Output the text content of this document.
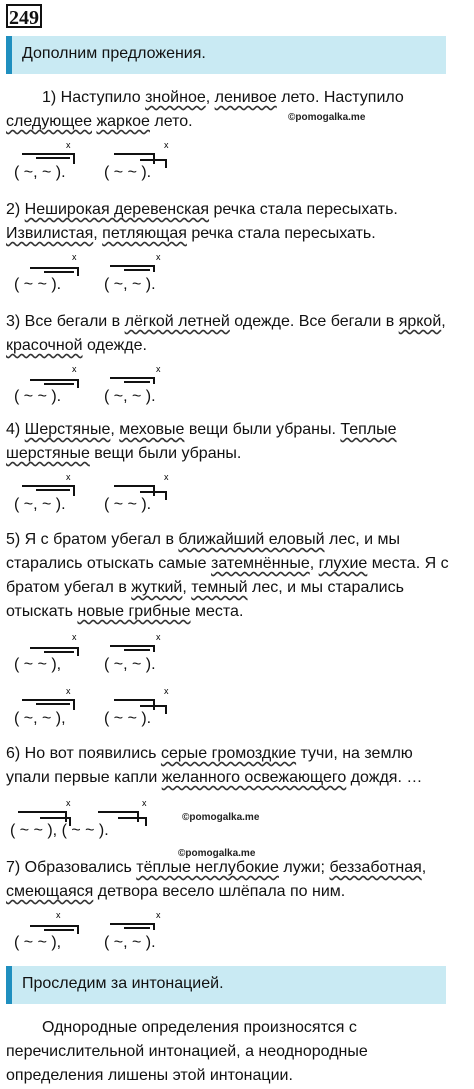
249
Дополним предложения.
1) Наступило знойное, ленивое лето. Наступило
следующее жаркое лето.	©pomogalka.me
( ~, ~ ). ( ~ ~ ).
x	x
2) Неширокая деревенская речка стала пересыхать.
Извилистая, петляющая речка стала пересыхать.
( ~ ~ ).	( ~, ~ ).
x	x
3) Все бегали в лёгкой летней одежде. Все бегали в яркой,
красочной одежде.
( ~ ~ ).	( ~, ~ ).
x	x
4) Шерстяные, меховые вещи были убраны. Теплые
шерстяные вещи были убраны.
( ~, ~ ). ( ~ ~ ).
x	x
5) Я с братом убегал в ближайший еловый лес, и мы
старались отыскать самые затемнённые, глухие места. Я с
братом убегал в жуткий, темный лес, и мы старались
отыскать новые грибные места.
( ~ ~ ),	( ~, ~ ).
x	x
( ~, ~ ), ( ~ ~ ).
x	x
6) Но вот появились серые громоздкие тучи, на землю
упали первые капли желанного освежающего дождя. …
( ~ ~ ), ( ~ ~ ).
x	x
©pomogalka.me
©pomogalka.me
7) Образовались тёплые неглубокие лужи; беззаботная,
смеющаяся детвора весело шлёпала по ним.
( ~ ~ ),	( ~, ~ ).
x	x
Проследим за интонацией.
Однородные определения произносятся с
перечислительной интонацией, а неоднородные
определения лишены этой интонации.
